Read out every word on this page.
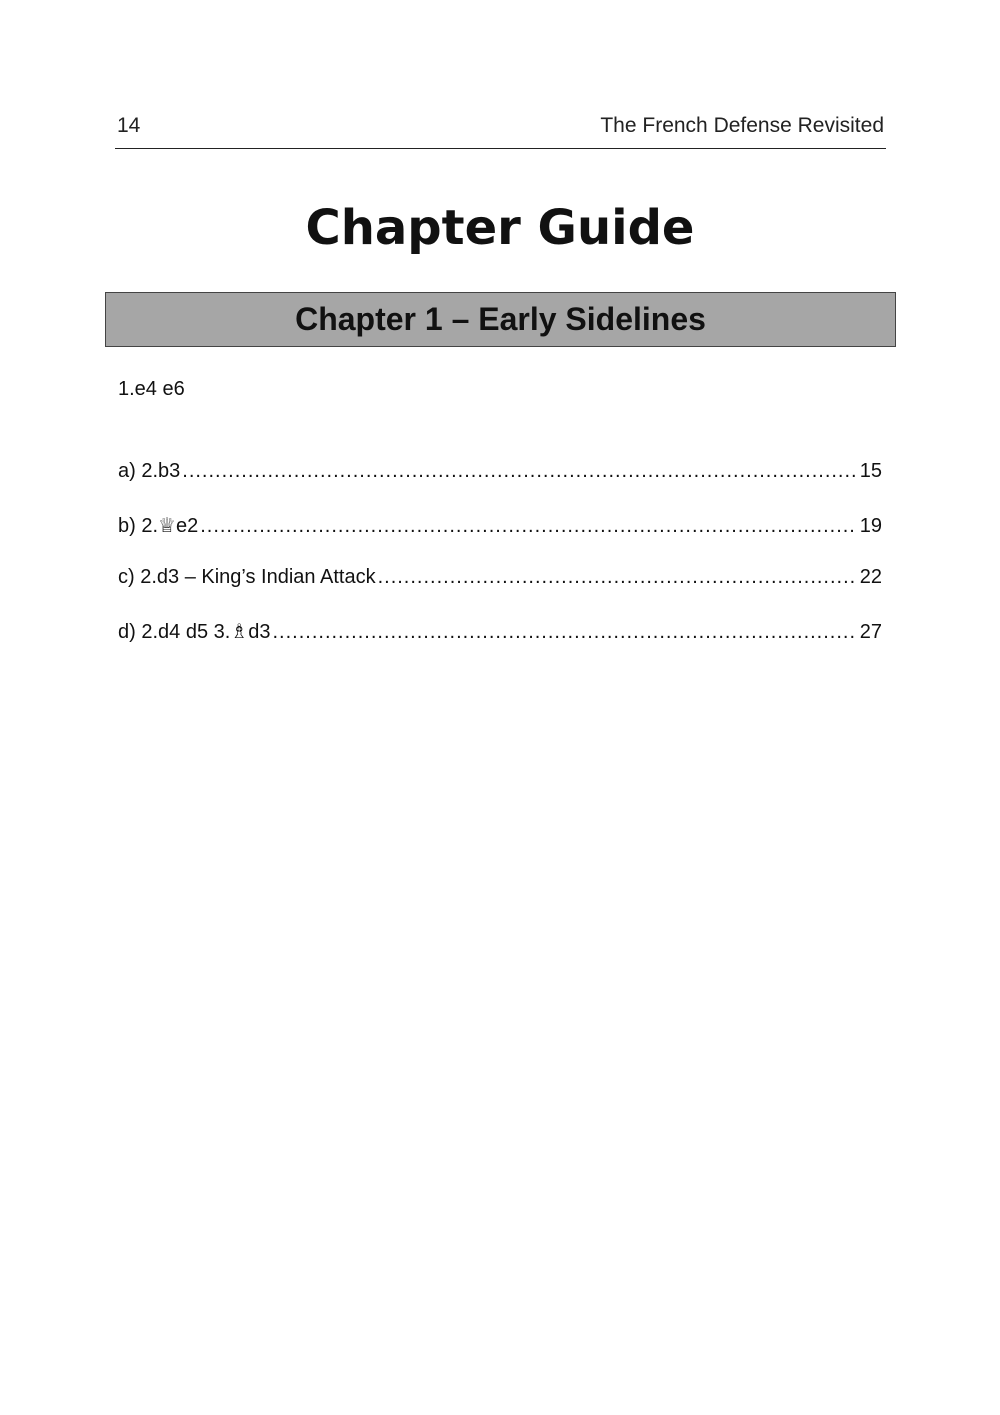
14	The French Defense Revisited
Chapter Guide
Chapter 1 – Early Sidelines
1.e4 e6
a) 2.b3 .....	15
b) 2.♕e2 .....	19
c) 2.d3 – King’s Indian Attack .....	22
d) 2.d4 d5 3.♗d3 .....	27
